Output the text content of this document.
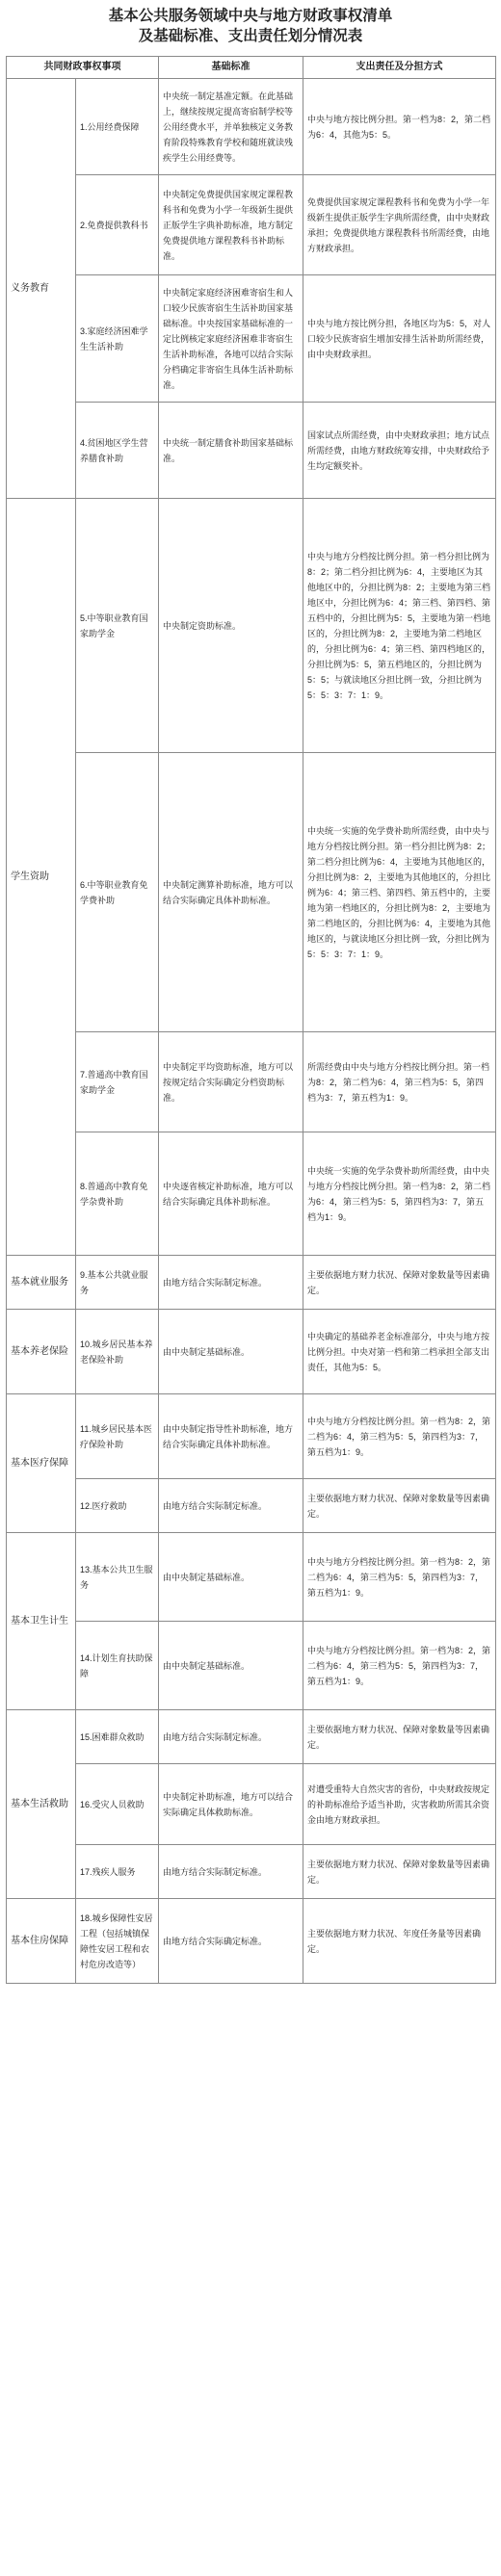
基本公共服务领域中央与地方财政事权清单
及基础标准、支出责任划分情况表
共同财政事权事项		基础标准	支出责任及分担方式
义务教育	1.公用经费保障	中央统一制定基准定额。在此基础上，继续按规定提高寄宿制学校等公用经费水平，并单独核定义务教育阶段特殊教育学校和随班就读残疾学生公用经费等。	中央与地方按比例分担。第一档为8：2，第二档为6：4，其他为5：5。
	2.免费提供教科书	中央制定免费提供国家规定课程教科书和免费为小学一年级新生提供正版学生字典补助标准，地方制定免费提供地方课程教科书补助标准。	免费提供国家规定课程教科书和免费为小学一年级新生提供正版学生字典所需经费，由中央财政承担；免费提供地方课程教科书所需经费，由地方财政承担。
	3.家庭经济困难学生生活补助	中央制定家庭经济困难寄宿生和人口较少民族寄宿生生活补助国家基础标准。中央按国家基础标准的一定比例核定家庭经济困难非寄宿生生活补助标准，各地可以结合实际分档确定非寄宿生具体生活补助标准。	中央与地方按比例分担，各地区均为5：5，对人口较少民族寄宿生增加安排生活补助所需经费，由中央财政承担。
	4.贫困地区学生营养膳食补助	中央统一制定膳食补助国家基础标准。	国家试点所需经费，由中央财政承担；地方试点所需经费，由地方财政统筹安排，中央财政给予生均定额奖补。
学生资助	5.中等职业教育国家助学金	中央制定资助标准。	中央与地方分档按比例分担。第一档分担比例为8：2；第二档分担比例为6：4，主要地区为其他地区中的，分担比例为8：2；主要地为第三档地区中，分担比例为6：4；第三档、第四档、第五档中的，分担比例为5：5，主要地为第一档地区的，分担比例为8：2，主要地为第二档地区的，分担比例为6：4；第三档、第四档地区的，分担比例为5：5，第五档地区的，分担比例为5：5；与就读地区分担比例一致，分担比例为5：5：3：7：1：9。
	6.中等职业教育免学费补助	中央制定测算补助标准，地方可以结合实际确定具体补助标准。	中央统一实施的免学费补助所需经费，由中央与地方分档按比例分担。第一档分担比例为8：2；第二档分担比例为6：4，主要地为其他地区的，分担比例为8：2，主要地为其他地区的，分担比例为6：4；第三档、第四档、第五档中的，主要地为第一档地区的，分担比例为8：2，主要地为第二档地区的，分担比例为6：4，主要地为其他地区的，与就读地区分担比例一致，分担比例为5：5：3：7：1：9。
	7.普通高中教育国家助学金	中央制定平均资助标准，地方可以按规定结合实际确定分档资助标准。	所需经费由中央与地方分档按比例分担。第一档为8：2，第二档为6：4，第三档为5：5，第四档为3：7，第五档为1：9。
	8.普通高中教育免学杂费补助	中央逐省核定补助标准，地方可以结合实际确定具体补助标准。	中央统一实施的免学杂费补助所需经费，由中央与地方分档按比例分担。第一档为8：2，第二档为6：4，第三档为5：5，第四档为3：7，第五档为1：9。
基本就业服务	9.基本公共就业服务	由地方结合实际制定标准。	主要依据地方财力状况、保障对象数量等因素确定。
基本养老保险	10.城乡居民基本养老保险补助	由中央制定基础标准。	中央确定的基础养老金标准部分，中央与地方按比例分担。中央对第一档和第二档承担全部支出责任，其他为5：5。
基本医疗保障	11.城乡居民基本医疗保险补助	由中央制定指导性补助标准，地方结合实际确定具体补助标准。	中央与地方分档按比例分担。第一档为8：2，第二档为6：4，第三档为5：5，第四档为3：7，第五档为1：9。
	12.医疗救助	由地方结合实际制定标准。	主要依据地方财力状况、保障对象数量等因素确定。
基本卫生计生	13.基本公共卫生服务	由中央制定基础标准。	中央与地方分档按比例分担。第一档为8：2，第二档为6：4，第三档为5：5，第四档为3：7，第五档为1：9。
	14.计划生育扶助保障	由中央制定基础标准。	中央与地方分档按比例分担。第一档为8：2，第二档为6：4，第三档为5：5，第四档为3：7，第五档为1：9。
基本生活救助	15.困难群众救助	由地方结合实际制定标准。	主要依据地方财力状况、保障对象数量等因素确定。
	16.受灾人员救助	中央制定补助标准，地方可以结合实际确定具体救助标准。	对遭受重特大自然灾害的省份，中央财政按规定的补助标准给予适当补助，灾害救助所需其余资金由地方财政承担。
	17.残疾人服务	由地方结合实际制定标准。	主要依据地方财力状况、保障对象数量等因素确定。
基本住房保障	18.城乡保障性安居工程（包括城镇保障性安居工程和农村危房改造等）	由地方结合实际确定标准。	主要依据地方财力状况、年度任务量等因素确定。
